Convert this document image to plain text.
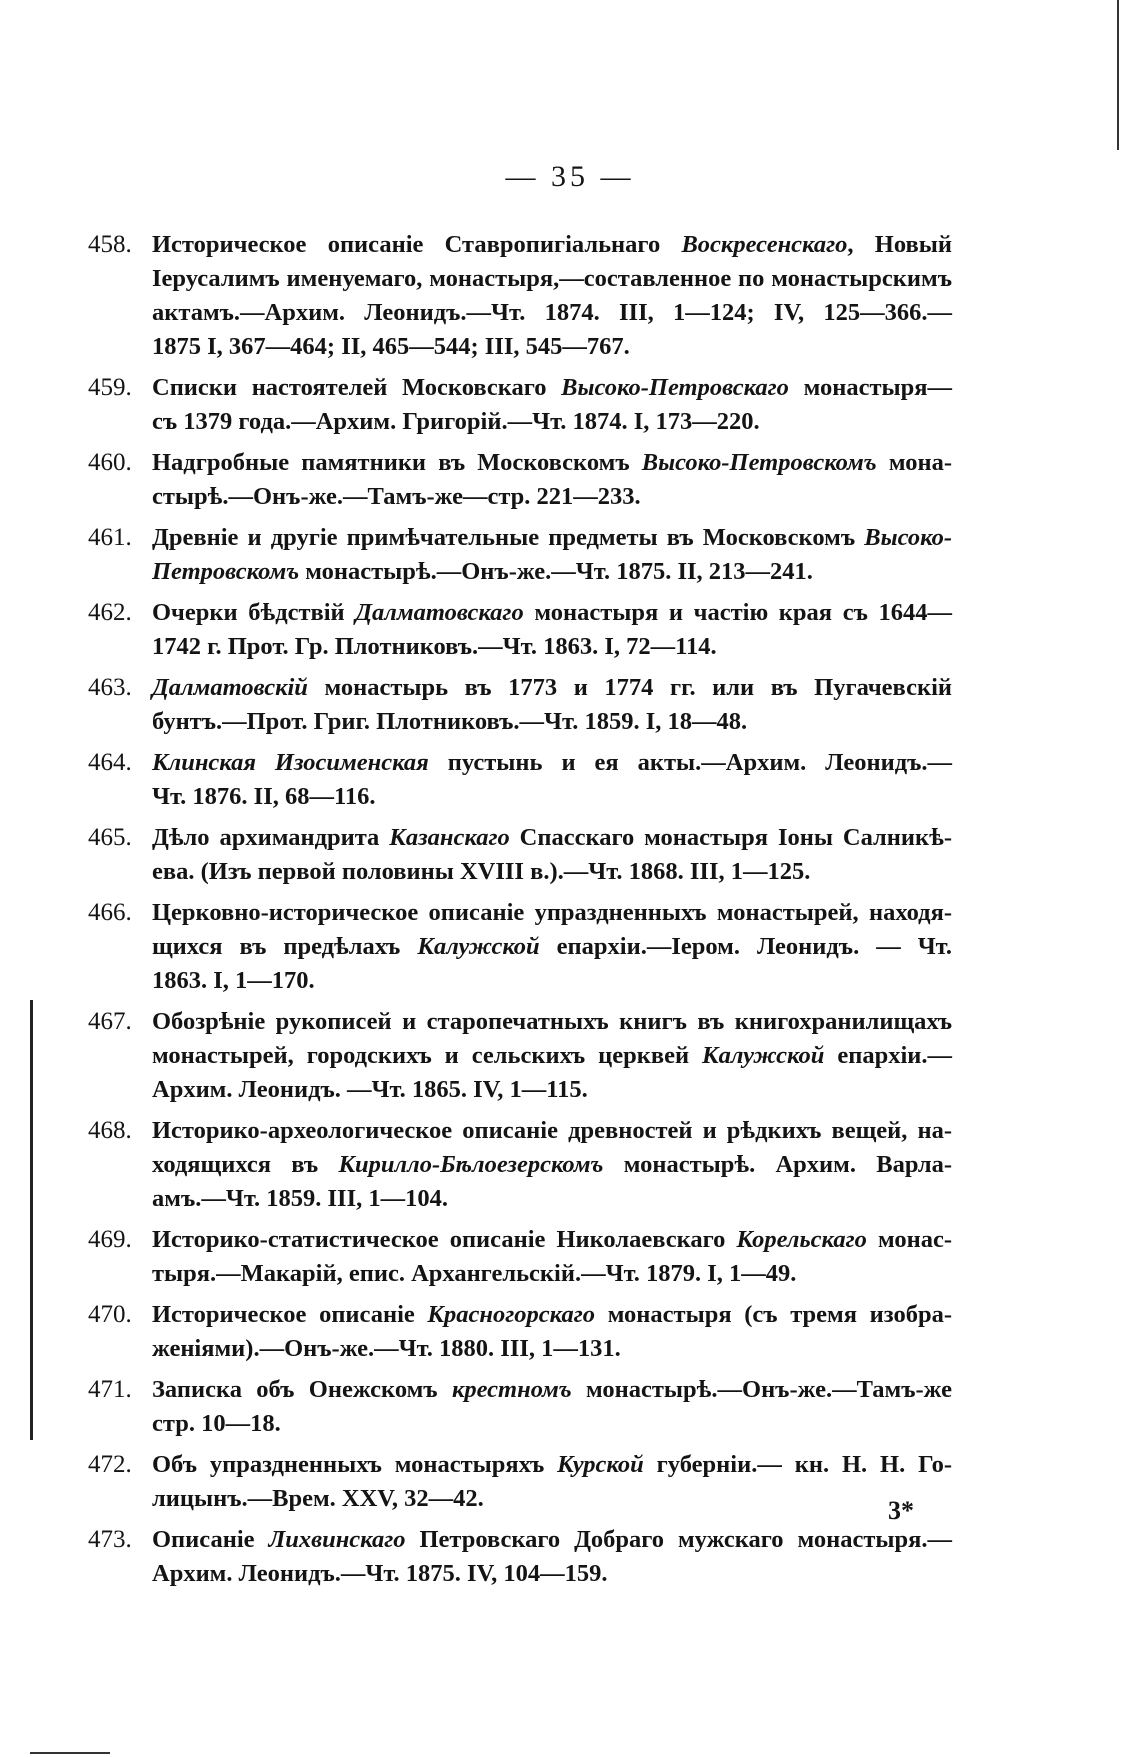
— 35 —
458. Историческое описаніе Ставропигіальнаго Воскресенскаго, Новый
Іерусалимъ именуемаго, монастыря,—составленное по монастырскимъ
актамъ.—Архим. Леонидъ.—Чт. 1874. III, 1—124; IV, 125—366.—
1875 I, 367—464; II, 465—544; III, 545—767.
459. Списки настоятелей Московскаго Высоко-Петровскаго монастыря—
съ 1379 года.—Архим. Григорій.—Чт. 1874. I, 173—220.
460. Надгробные памятники въ Московскомъ Высоко-Петровскомъ мона-
стырѣ.—Онъ-же.—Тамъ-же—стр. 221—233.
461. Древніе и другіе примѣчательные предметы въ Московскомъ Высоко-
Петровскомъ монастырѣ.—Онъ-же.—Чт. 1875. II, 213—241.
462. Очерки бѣдствій Далматовскаго монастыря и частію края съ 1644—
1742 г. Прот. Гр. Плотниковъ.—Чт. 1863. I, 72—114.
463. Далматовскій монастырь въ 1773 и 1774 гг. или въ Пугачевскій
бунтъ.—Прот. Григ. Плотниковъ.—Чт. 1859. I, 18—48.
464. Клинская Изосименская пустынь и ея акты.—Архим. Леонидъ.—
Чт. 1876. II, 68—116.
465. Дѣло архимандрита Казанскаго Спасскаго монастыря Іоны Салникѣ-
ева. (Изъ первой половины XVIII в.).—Чт. 1868. III, 1—125.
466. Церковно-историческое описаніе упраздненныхъ монастырей, находя-
щихся въ предѣлахъ Калужской епархіи.—Іером. Леонидъ. — Чт.
1863. I, 1—170.
467. Обозрѣніе рукописей и старопечатныхъ книгъ въ книгохранилищахъ
монастырей, городскихъ и сельскихъ церквей Калужской епархіи.—
Архим. Леонидъ. —Чт. 1865. IV, 1—115.
468. Историко-археологическое описаніе древностей и рѣдкихъ вещей, на-
ходящихся въ Кирилло-Бѣлоезерскомъ монастырѣ. Архим. Варла-
амъ.—Чт. 1859. III, 1—104.
469. Историко-статистическое описаніе Николаевскаго Корельскаго монас-
тыря.—Макарій, епис. Архангельскій.—Чт. 1879. I, 1—49.
470. Историческое описаніе Красногорскаго монастыря (съ тремя изобра-
женіями).—Онъ-же.—Чт. 1880. III, 1—131.
471. Записка объ Онежскомъ крестномъ монастырѣ.—Онъ-же.—Тамъ-же
стр. 10—18.
472. Объ упраздненныхъ монастыряхъ Курской губерніи.— кн. Н. Н. Го-
лицынъ.—Врем. XXV, 32—42.
473. Описаніе Лихвинскаго Петровскаго Добраго мужскаго монастыря.—
Архим. Леонидъ.—Чт. 1875. IV, 104—159.
3*
